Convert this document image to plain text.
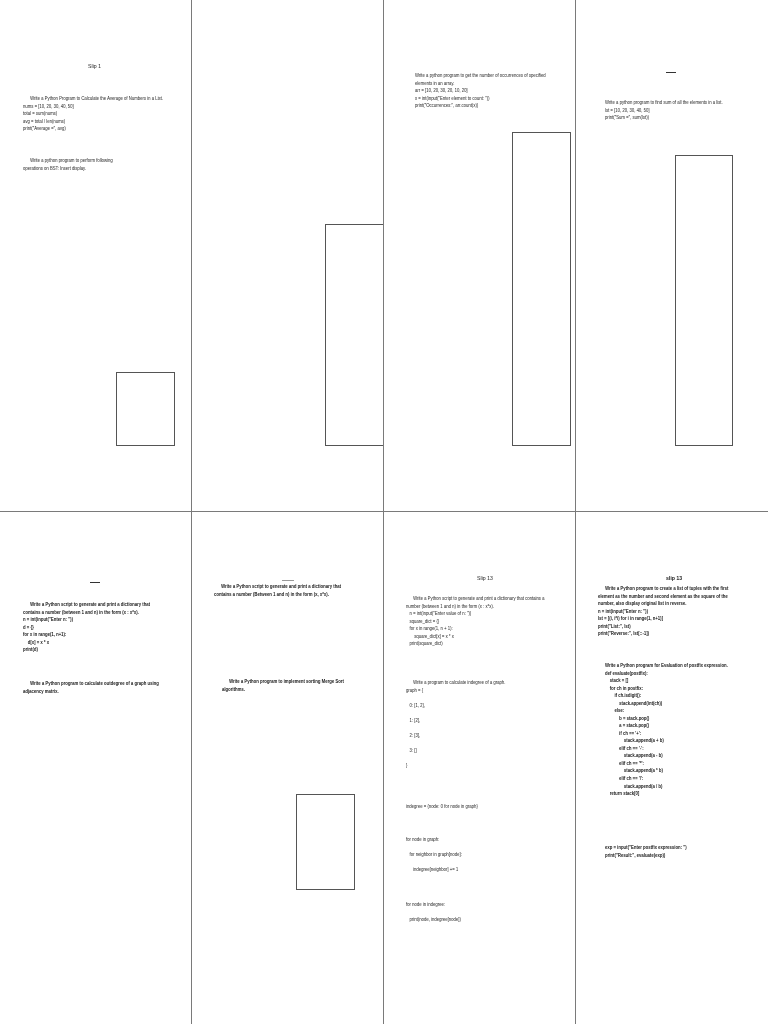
Slip 1
Write a Python Program to Calculate the Average of Numbers in a List.
nums = [10, 20, 30, 40, 50]
total = sum(nums)
avg = total / len(nums)
print("Average =", avg)
Write a python program to perform following
operations on BST: Insert display.
Write a python program to get the number of occurrences of specified
elements in an array.
arr = [10, 20, 30, 20, 10, 20]
x = int(input("Enter element to count: "))
print("Occurrences:", arr.count(x))
Write a python program to find sum of all the elements in a list.
lst = [10, 20, 30, 40, 50]
print("Sum =", sum(lst))
Write a Python script to generate and print a dictionary that
contains a number (between 1 and n) in the form (x : x*x).
n = int(input("Enter n: "))
d = {}
for x in range(1, n+1):
d[x] = x * x
print(d)
Write a Python program to calculate outdegree of a graph using
adjacency matrix.
Write a Python script to generate and print a dictionary that
contains a number (Between 1 and n) in the form (x, x*x).
Write a Python program to implement sorting Merge Sort
algorithms.
Slip 13
Write a Python script to generate and print a dictionary that contains a
number (between 1 and n) in the form (x : x*x).
n = int(input("Enter value of n: "))
square_dict = {}
for x in range(1, n + 1):
square_dict[x] = x * x
print(square_dict)
Write a program to calculate indegree of a graph.
graph = {

0: [1, 2],

1: [2],

2: [3],

3: []

}
indegree = {node: 0 for node in graph}
for node in graph:

for neighbor in graph[node]:

indegree[neighbor] += 1
for node in indegree:

print(node, indegree[node])
slip 13
Write a Python program to create a list of tuples with the first
element as the number and second element as the square of the
number, also display original list in reverse.
n = int(input("Enter n: "))
lst = [(i, i*i) for i in range(1, n+1)]
print("List:", lst)
print("Reverse:", lst[::-1])
Write a Python program for Evaluation of postfix expression.
def evaluate(postfix):
stack = []
for ch in postfix:
if ch.isdigit():
stack.append(int(ch))
else:
b = stack.pop()
a = stack.pop()
if ch == '+':
stack.append(a + b)
elif ch == '-':
stack.append(a - b)
elif ch == '*':
stack.append(a * b)
elif ch == '/':
stack.append(a / b)
return stack[0]
exp = input("Enter postfix expression: ")
print("Result:", evaluate(exp))
